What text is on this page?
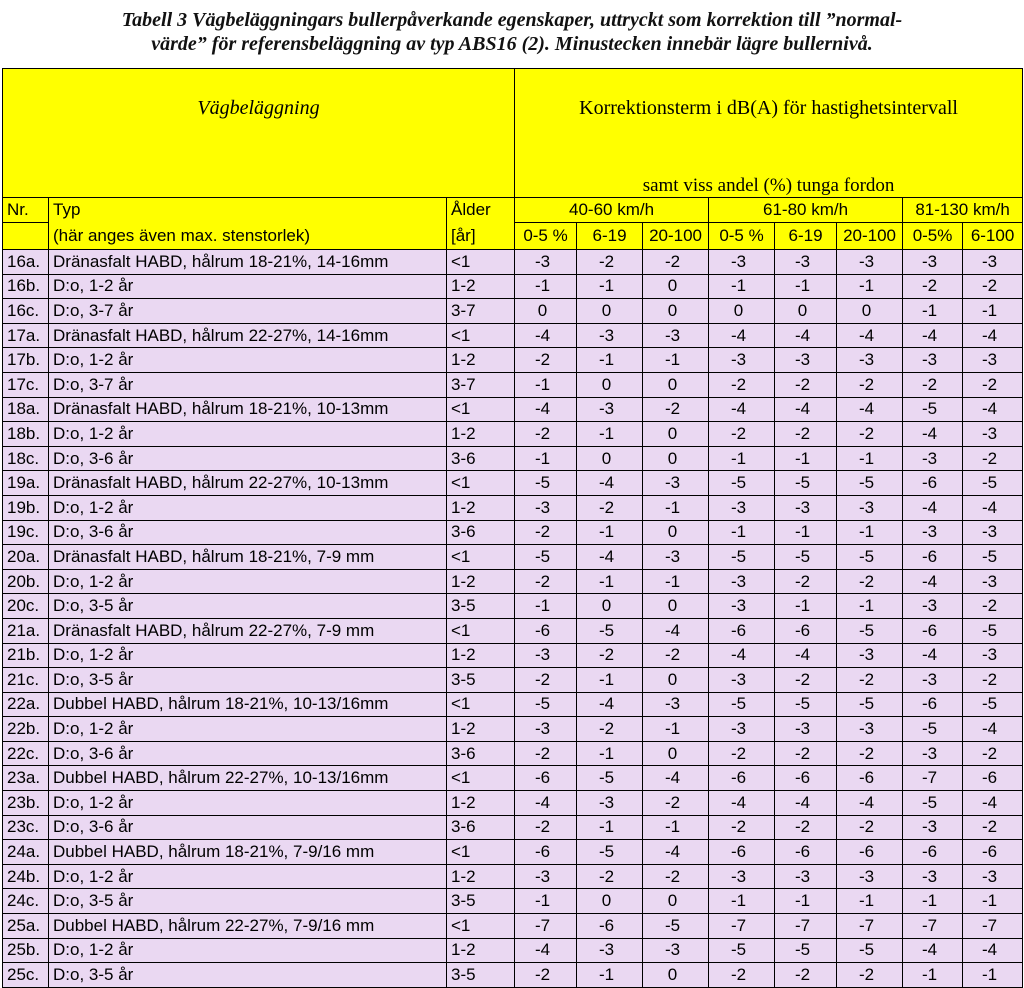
Tabell 3 Vägbeläggningars bullerpåverkande egenskaper, uttryckt som korrektion till ”normal-
värde” för referensbeläggning av typ ABS16 (2). Minustecken innebär lägre bullernivå.
Vägbeläggning			Korrektionsterm i dB(A) för hastighetsintervall							
			samt viss andel (%) tunga fordon							
Nr.	Typ	Ålder	40-60 km/h			61-80 km/h			81-130 km/h	
	(här anges även max. stenstorlek)	[år]	0-5 %	6-19	20-100	0-5 %	6-19	20-100	0-5%	6-100
16a.	Dränasfalt HABD, hålrum 18-21%, 14-16mm	<1	-3	-2	-2	-3	-3	-3	-3	-3
16b.	D:o, 1-2 år	1-2	-1	-1	0	-1	-1	-1	-2	-2
16c.	D:o, 3-7 år	3-7	0	0	0	0	0	0	-1	-1
17a.	Dränasfalt HABD, hålrum 22-27%, 14-16mm	<1	-4	-3	-3	-4	-4	-4	-4	-4
17b.	D:o, 1-2 år	1-2	-2	-1	-1	-3	-3	-3	-3	-3
17c.	D:o, 3-7 år	3-7	-1	0	0	-2	-2	-2	-2	-2
18a.	Dränasfalt HABD, hålrum 18-21%, 10-13mm	<1	-4	-3	-2	-4	-4	-4	-5	-4
18b.	D:o, 1-2 år	1-2	-2	-1	0	-2	-2	-2	-4	-3
18c.	D:o, 3-6 år	3-6	-1	0	0	-1	-1	-1	-3	-2
19a.	Dränasfalt HABD, hålrum 22-27%, 10-13mm	<1	-5	-4	-3	-5	-5	-5	-6	-5
19b.	D:o, 1-2 år	1-2	-3	-2	-1	-3	-3	-3	-4	-4
19c.	D:o, 3-6 år	3-6	-2	-1	0	-1	-1	-1	-3	-3
20a.	Dränasfalt HABD, hålrum 18-21%, 7-9 mm	<1	-5	-4	-3	-5	-5	-5	-6	-5
20b.	D:o, 1-2 år	1-2	-2	-1	-1	-3	-2	-2	-4	-3
20c.	D:o, 3-5 år	3-5	-1	0	0	-3	-1	-1	-3	-2
21a.	Dränasfalt HABD, hålrum 22-27%, 7-9 mm	<1	-6	-5	-4	-6	-6	-5	-6	-5
21b.	D:o, 1-2 år	1-2	-3	-2	-2	-4	-4	-3	-4	-3
21c.	D:o, 3-5 år	3-5	-2	-1	0	-3	-2	-2	-3	-2
22a.	Dubbel HABD, hålrum 18-21%, 10-13/16mm	<1	-5	-4	-3	-5	-5	-5	-6	-5
22b.	D:o, 1-2 år	1-2	-3	-2	-1	-3	-3	-3	-5	-4
22c.	D:o, 3-6 år	3-6	-2	-1	0	-2	-2	-2	-3	-2
23a.	Dubbel HABD, hålrum 22-27%, 10-13/16mm	<1	-6	-5	-4	-6	-6	-6	-7	-6
23b.	D:o, 1-2 år	1-2	-4	-3	-2	-4	-4	-4	-5	-4
23c.	D:o, 3-6 år	3-6	-2	-1	-1	-2	-2	-2	-3	-2
24a.	Dubbel HABD, hålrum 18-21%, 7-9/16 mm	<1	-6	-5	-4	-6	-6	-6	-6	-6
24b.	D:o, 1-2 år	1-2	-3	-2	-2	-3	-3	-3	-3	-3
24c.	D:o, 3-5 år	3-5	-1	0	0	-1	-1	-1	-1	-1
25a.	Dubbel HABD, hålrum 22-27%, 7-9/16 mm	<1	-7	-6	-5	-7	-7	-7	-7	-7
25b.	D:o, 1-2 år	1-2	-4	-3	-3	-5	-5	-5	-4	-4
25c.	D:o, 3-5 år	3-5	-2	-1	0	-2	-2	-2	-1	-1
